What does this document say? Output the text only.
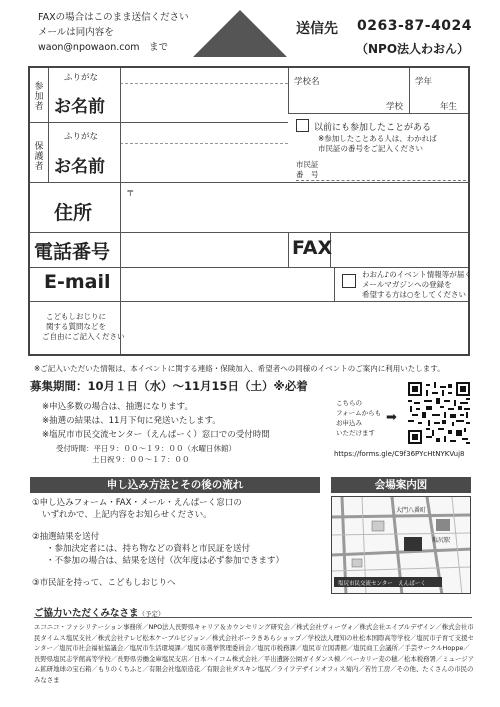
FAXの場合はこのまま送信ください
メールは同内容を
waon@npowaon.com　まで
送信先 0263-87-4024
（NPO法人わおん）
参加者
保護者
ふりがな
お名前
ふりがな
お名前
学校名
学校
学年
年生
以前にも参加したことがある
※参加したことある人は、わかれば
市民証の番号をご記入ください
市民証
番　号
住所
〒
電話番号	FAX
E-mail	わおん♪のイベント情報等が届く
メールマガジンへの登録を
希望する方は○をしてください
こどもしおじりに
関する質問などを
ご自由にご記入ください
※ご記入いただいた情報は、本イベントに関する連絡・保険加入、希望者への同様のイベントのご案内に利用いたします。
募集期間：10月１日（水）～11月15日（土）※必着
※申込多数の場合は、抽選になります。
※抽選の結果は、11月下旬に発送いたします。
※塩尻市市民交流センター（えんぱーく）窓口での受付時間
受付時間：平日９：００～１９：００（水曜日休館）
土日祝９：００～１７：００
こちらの
フォームからも
お申込み
いただけます
➡
https://forms.gle/C9f36PYcHtNYKVuj8
申し込み方法とその後の流れ
①申し込みフォーム・FAX・メール・えんぱーく窓口の
いずれかで、上記内容をお知らせください。
②抽選結果を送付
・参加決定者には、持ち物などの資料と市民証を送付
・不参加の場合は、結果を送付（次年度は必ず参加できます）
③市民証を持って、こどもしおじりへ
会場案内図
大門八番町
塩尻駅
塩尻市民交流センター　えんぱーく
ご協力いただくみなさま（予定）
エコニコ・ファシリテーション事務所／NPO法人長野県キャリア＆カウンセリング研究会／株式会社ヴィーヴォ／株式会社エイブルデザイン／株式会社市民タイムス塩尻支社／株式会社テレビ松本ケーブルビジョン／株式会社ボーラきあらショップ／学校法人理知の杜松本国際高等学校／塩尻市子育て支援センター／塩尻市社会福祉協議会／塩尻市生活環境課／塩尻市選挙管理委員会／塩尻市税務課／塩尻市立図書館／塩尻商工会議所／手芸サークルHoppe／長野県塩尻志学館高等学校／長野県労働金庫塩尻支店／日本ハイコム株式会社／平出遺跡公園ガイダンス棟／ベーカリー麦の穂／松本税務署／ミュージアム鉱研地球の宝石箱／もりのくちふと／有限会社塩原造花／有限会社ダスキン塩尻／ライフデザインオフィス菊内／若竹工房／その他、たくさんの市民のみなさま
